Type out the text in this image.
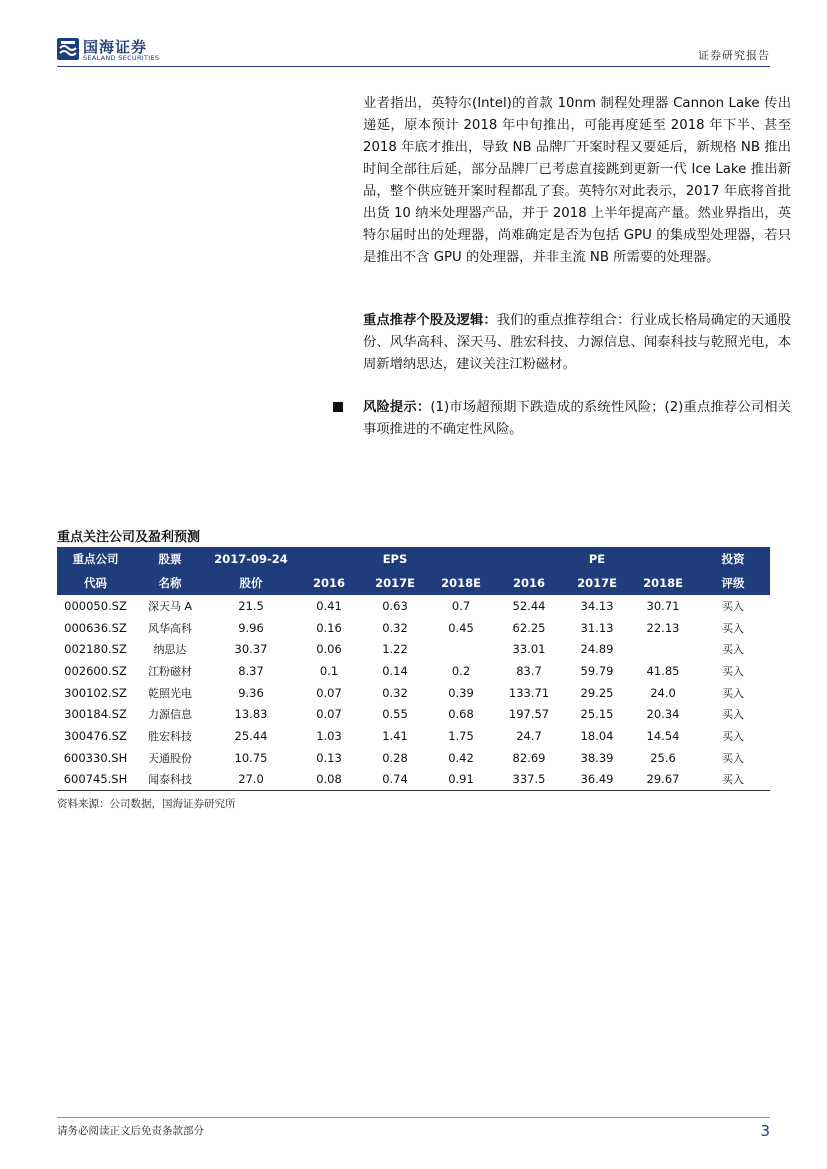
国海证券
SEALAND SECURITIES	证券研究报告
业者指出，英特尔(Intel)的首款 10nm 制程处理器 Cannon Lake 传出递延，原本预计 2018 年中旬推出，可能再度延至 2018 年下半、甚至 2018 年底才推出，导致 NB 品牌厂开案时程又要延后，新规格 NB 推出时间全部往后延，部分品牌厂已考虑直接跳到更新一代 Ice Lake 推出新品，整个供应链开案时程都乱了套。英特尔对此表示，2017 年底将首批出货 10 纳米处理器产品，并于 2018 上半年提高产量。然业界指出，英特尔届时出的处理器，尚难确定是否为包括 GPU 的集成型处理器，若只是推出不含 GPU 的处理器，并非主流 NB 所需要的处理器。
重点推荐个股及逻辑：我们的重点推荐组合：行业成长格局确定的天通股份、风华高科、深天马、胜宏科技、力源信息、闻泰科技与乾照光电，本周新增纳思达，建议关注江粉磁材。
风险提示：(1)市场超预期下跌造成的系统性风险；(2)重点推荐公司相关事项推进的不确定性风险。
重点关注公司及盈利预测
重点公司	股票	2017-09-24		EPS			PE		投资
代码	名称	股价	2016	2017E	2018E	2016	2017E	2018E	评级
000050.SZ	深天马 A	21.5	0.41	0.63	0.7	52.44	34.13	30.71	买入
000636.SZ	风华高科	9.96	0.16	0.32	0.45	62.25	31.13	22.13	买入
002180.SZ	纳思达	30.37	0.06	1.22		33.01	24.89		买入
002600.SZ	江粉磁材	8.37	0.1	0.14	0.2	83.7	59.79	41.85	买入
300102.SZ	乾照光电	9.36	0.07	0.32	0.39	133.71	29.25	24.0	买入
300184.SZ	力源信息	13.83	0.07	0.55	0.68	197.57	25.15	20.34	买入
300476.SZ	胜宏科技	25.44	1.03	1.41	1.75	24.7	18.04	14.54	买入
600330.SH	天通股份	10.75	0.13	0.28	0.42	82.69	38.39	25.6	买入
600745.SH	闻泰科技	27.0	0.08	0.74	0.91	337.5	36.49	29.67	买入
资料来源：公司数据，国海证券研究所
请务必阅读正文后免责条款部分	3
